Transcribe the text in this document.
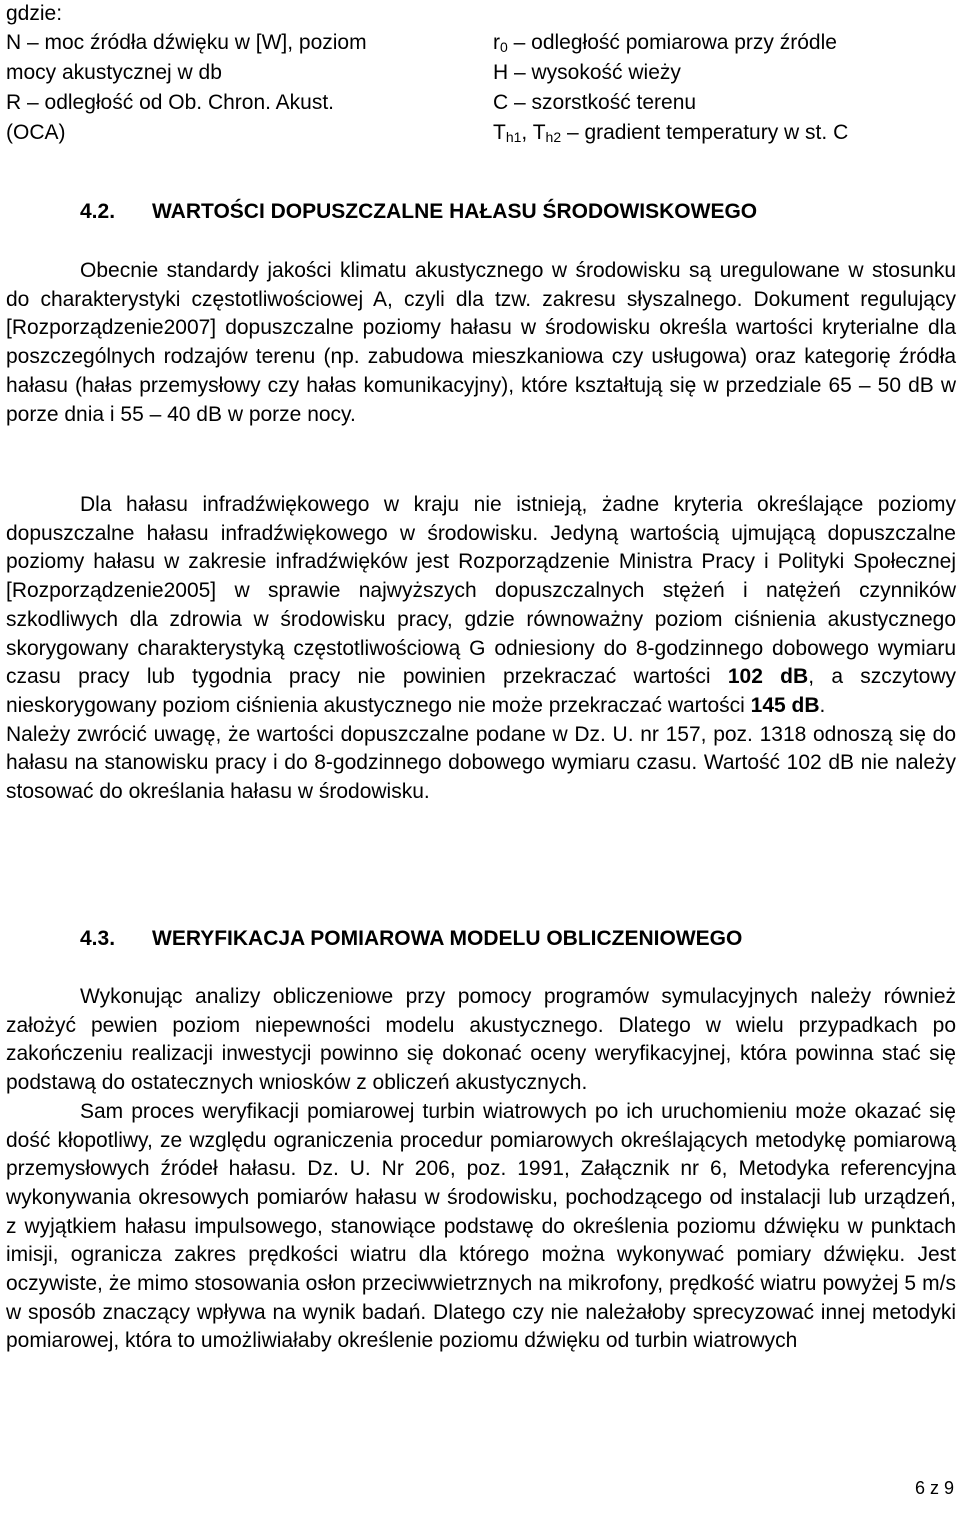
gdzie:
N – moc źródła dźwięku w [W], poziom
mocy akustycznej w db
R – odległość od Ob. Chron. Akust.
(OCA)
$r_0$ – odległość pomiarowa przy źródle
H – wysokość wieży
C – szorstkość terenu
$T_{h1}$, $T_{h2}$ – gradient temperatury w st. C
4.2. WARTOŚCI DOPUSZCZALNE HAŁASU ŚRODOWISKOWEGO

Obecnie standardy jakości klimatu akustycznego w środowisku są uregulowane w stosunku do charakterystyki częstotliwościowej A, czyli dla tzw. zakresu słyszalnego. Dokument regulujący [Rozporządzenie2007] dopuszczalne poziomy hałasu w środowisku określa wartości kryterialne dla poszczególnych rodzajów terenu (np. zabudowa mieszkaniowa czy usługowa) oraz kategorię źródła hałasu (hałas przemysłowy czy hałas komunikacyjny), które kształtują się w przedziale 65 – 50 dB w porze dnia i 55 – 40 dB w porze nocy.

Dla hałasu infradźwiękowego w kraju nie istnieją, żadne kryteria określające poziomy dopuszczalne hałasu infradźwiękowego w środowisku. Jedyną wartością ujmującą dopuszczalne poziomy hałasu w zakresie infradźwięków jest Rozporządzenie Ministra Pracy i Polityki Społecznej [Rozporządzenie2005] w sprawie najwyższych dopuszczalnych stężeń i natężeń czynników szkodliwych dla zdrowia w środowisku pracy, gdzie równoważny poziom ciśnienia akustycznego skorygowany charakterystyką częstotliwościową G odniesiony do 8-godzinnego dobowego wymiaru czasu pracy lub tygodnia pracy nie powinien przekraczać wartości 102 dB, a szczytowy nieskorygowany poziom ciśnienia akustycznego nie może przekraczać wartości 145 dB.

Należy zwrócić uwagę, że wartości dopuszczalne podane w Dz. U. nr 157, poz. 1318 odnoszą się do hałasu na stanowisku pracy i do 8-godzinnego dobowego wymiaru czasu. Wartość 102 dB nie należy stosować do określania hałasu w środowisku.

4.3. WERYFIKACJA POMIAROWA MODELU OBLICZENIOWEGO

Wykonując analizy obliczeniowe przy pomocy programów symulacyjnych należy również założyć pewien poziom niepewności modelu akustycznego. Dlatego w wielu przypadkach po zakończeniu realizacji inwestycji powinno się dokonać oceny weryfikacyjnej, która powinna stać się podstawą do ostatecznych wniosków z obliczeń akustycznych.

Sam proces weryfikacji pomiarowej turbin wiatrowych po ich uruchomieniu może okazać się dość kłopotliwy, ze względu ograniczenia procedur pomiarowych określających metodykę pomiarową przemysłowych źródeł hałasu. Dz. U. Nr 206, poz. 1991, Załącznik nr 6, Metodyka referencyjna wykonywania okresowych pomiarów hałasu w środowisku, pochodzącego od instalacji lub urządzeń, z wyjątkiem hałasu impulsowego, stanowiące podstawę do określenia poziomu dźwięku w punktach imisji, ogranicza zakres prędkości wiatru dla którego można wykonywać pomiary dźwięku. Jest oczywiste, że mimo stosowania osłon przeciwwietrznych na mikrofony, prędkość wiatru powyżej 5 m/s w sposób znaczący wpływa na wynik badań. Dlatego czy nie należałoby sprecyzować innej metodyki pomiarowej, która to umożliwiałaby określenie poziomu dźwięku od turbin wiatrowych

6 z 9
